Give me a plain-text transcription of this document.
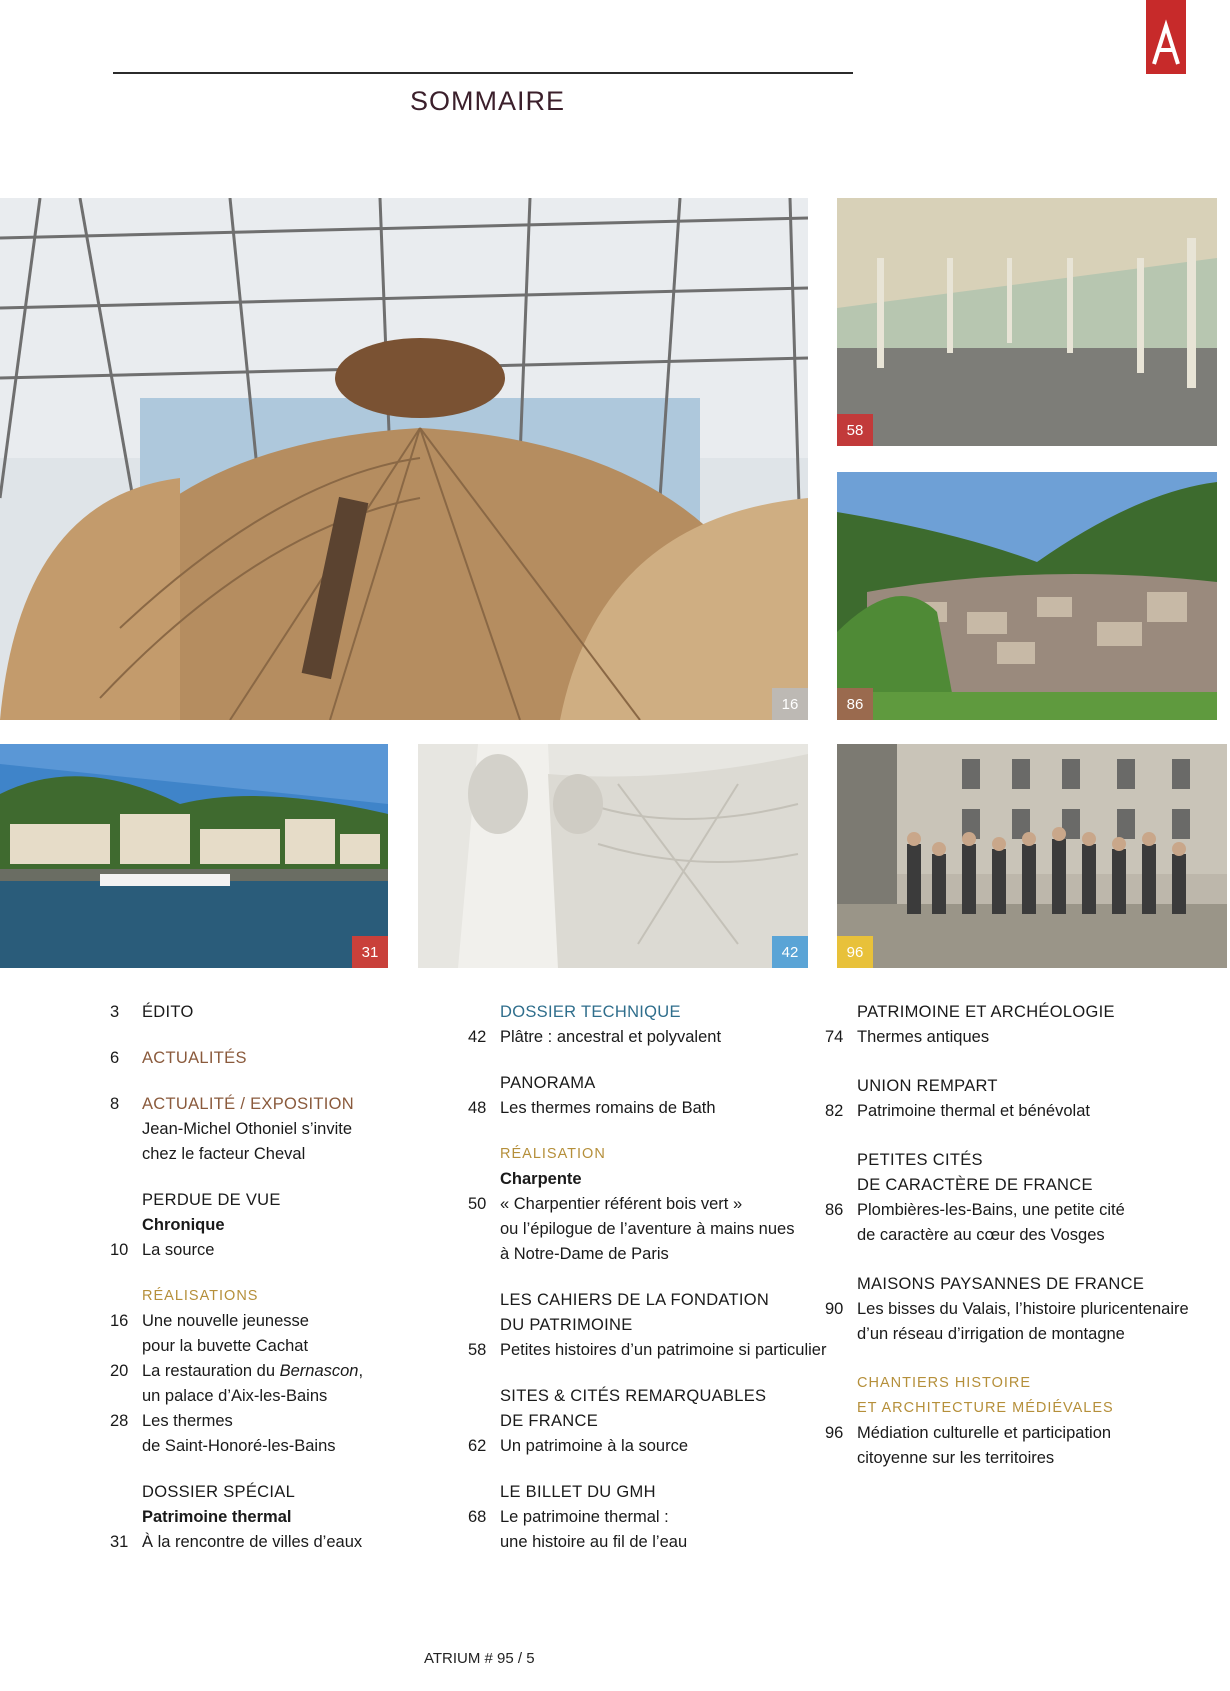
SOMMAIRE
16
58
86
31	42	96
3	ÉDITO
6	ACTUALITÉS
8	ACTUALITÉ / EXPOSITION
Jean-Michel Othoniel s’invite
chez le facteur Cheval
PERDUE DE VUE
Chronique
10 La source
RÉALISATIONS
16 Une nouvelle jeunesse
pour la buvette Cachat
20 La restauration du Bernascon,
un palace d’Aix-les-Bains
28 Les thermes
de Saint-Honoré-les-Bains
DOSSIER SPÉCIAL
Patrimoine thermal
31 À la rencontre de villes d’eaux
DOSSIER TECHNIQUE
42 Plâtre : ancestral et polyvalent
PANORAMA
48 Les thermes romains de Bath
RÉALISATION
Charpente
50 « Charpentier référent bois vert »
ou l’épilogue de l’aventure à mains nues
à Notre-Dame de Paris
LES CAHIERS DE LA FONDATION
DU PATRIMOINE
58 Petites histoires d’un patrimoine si particulier
SITES & CITÉS REMARQUABLES
DE FRANCE
62 Un patrimoine à la source
LE BILLET DU GMH
68 Le patrimoine thermal :
une histoire au fil de l’eau
PATRIMOINE ET ARCHÉOLOGIE
74 Thermes antiques
UNION REMPART
82 Patrimoine thermal et bénévolat
PETITES CITÉS
DE CARACTÈRE DE FRANCE
86 Plombières-les-Bains, une petite cité
de caractère au cœur des Vosges
MAISONS PAYSANNES DE FRANCE
90 Les bisses du Valais, l’histoire pluricentenaire
d’un réseau d’irrigation de montagne
CHANTIERS HISTOIRE
ET ARCHITECTURE MÉDIÉVALES
96 Médiation culturelle et participation
citoyenne sur les territoires
ATRIUM # 95 / 5
